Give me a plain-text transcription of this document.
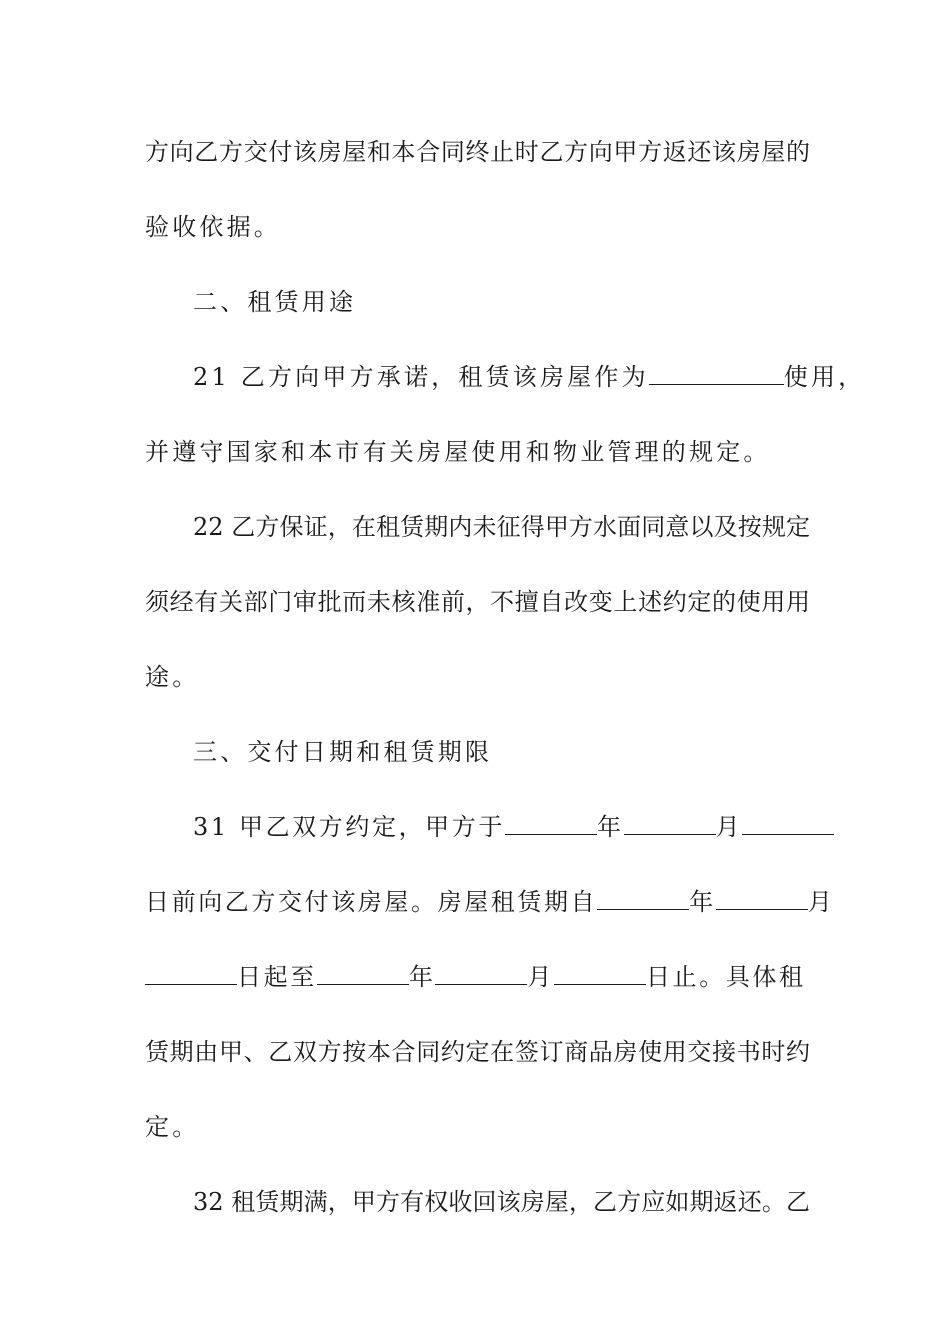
方向乙方交付该房屋和本合同终止时乙方向甲方返还该房屋的
验收依据。
二、租赁用途
21 乙方向甲方承诺，租赁该房屋作为	使用，
并遵守国家和本市有关房屋使用和物业管理的规定。
22 乙方保证，在租赁期内未征得甲方水面同意以及按规定
须经有关部门审批而未核准前，不擅自改变上述约定的使用用
途。
三、交付日期和租赁期限
31 甲乙双方约定，甲方于	年	月
日前向乙方交付该房屋。房屋租赁期自	年	月
日起至	年	月	日止。具体租
赁期由甲、乙双方按本合同约定在签订商品房使用交接书时约
定。
32 租赁期满，甲方有权收回该房屋，乙方应如期返还。乙
